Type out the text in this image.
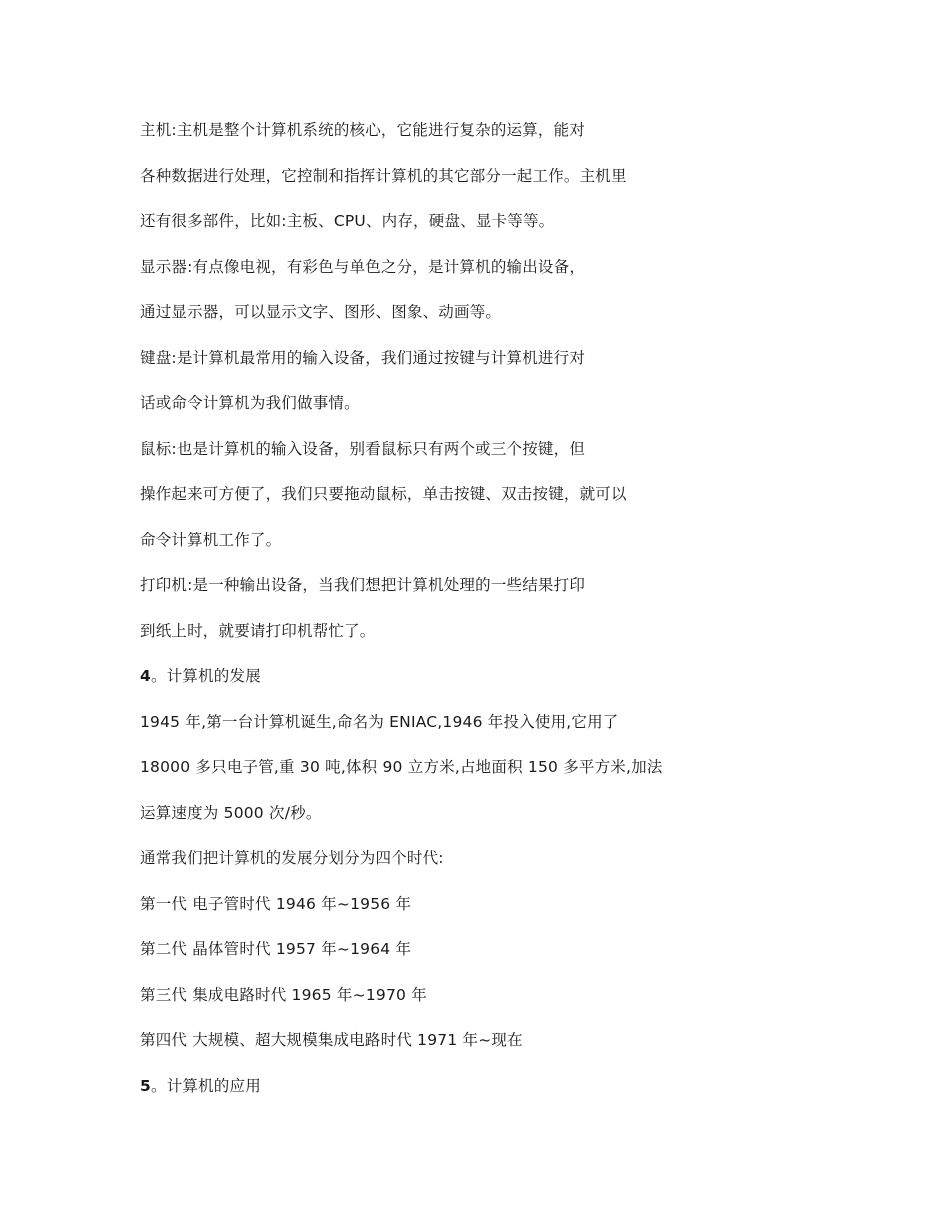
主机:主机是整个计算机系统的核心，它能进行复杂的运算，能对
各种数据进行处理，它控制和指挥计算机的其它部分一起工作。主机里
还有很多部件，比如:主板、CPU、内存，硬盘、显卡等等。
显示器:有点像电视，有彩色与单色之分，是计算机的输出设备，
通过显示器，可以显示文字、图形、图象、动画等。
键盘:是计算机最常用的输入设备，我们通过按键与计算机进行对
话或命令计算机为我们做事情。
鼠标:也是计算机的输入设备，别看鼠标只有两个或三个按键，但
操作起来可方便了，我们只要拖动鼠标，单击按键、双击按键，就可以
命令计算机工作了。
打印机:是一种输出设备，当我们想把计算机处理的一些结果打印
到纸上时，就要请打印机帮忙了。
4。计算机的发展
1945 年,第一台计算机诞生,命名为 ENIAC,1946 年投入使用,它用了
18000 多只电子管,重 30 吨,体积 90 立方米,占地面积 150 多平方米,加法
运算速度为 5000 次/秒。
通常我们把计算机的发展分划分为四个时代:
第一代 电子管时代 1946 年~1956 年
第二代 晶体管时代 1957 年~1964 年
第三代 集成电路时代 1965 年~1970 年
第四代 大规模、超大规模集成电路时代 1971 年~现在
5。计算机的应用
